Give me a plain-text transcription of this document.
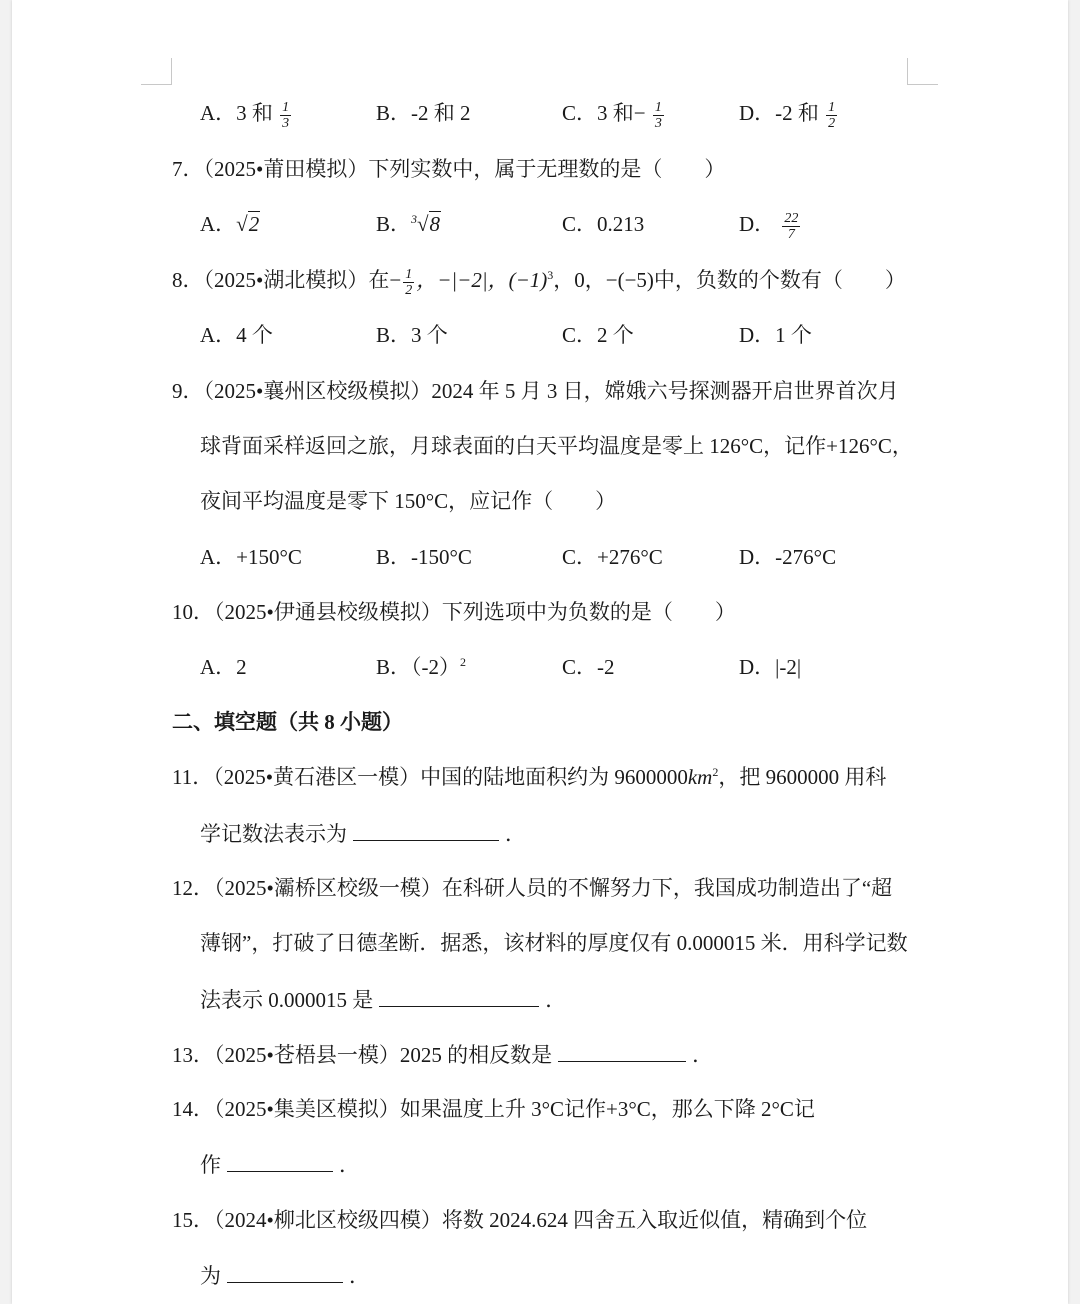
A．3 和 $\frac{1}{3}$	B．-2 和 2	C．3 和− $\frac{1}{3}$	D．-2 和 $\frac{1}{2}$
7．（2025•莆田模拟）下列实数中，属于无理数的是（　　）
A．√2	B．$^3$√8	C．0.213	D． $\frac{22}{7}$
8．（2025•湖北模拟）在− $\frac{1}{2}$ ，−|−2|，$(-1)^3$，0，−(−5)中，负数的个数有（　　）
A．4 个	B．3 个	C．2 个	D．1 个
9．（2025•襄州区校级模拟）2024 年 5 月 3 日，嫦娥六号探测器开启世界首次月
球背面采样返回之旅，月球表面的白天平均温度是零上 126°C，记作+126°C，
夜间平均温度是零下 150°C，应记作（　　）
A．+150°C	B．-150°C	C．+276°C	D．-276°C
10．（2025•伊通县校级模拟）下列选项中为负数的是（　　）
A．2	B．$(-2)^2$	C．-2	D．|-2|
二、填空题（共 8 小题）
11．（2025•黄石港区一模）中国的陆地面积约为 $9600000km^2$，把 9600000 用科
学记数法表示为	．
12．（2025•灞桥区校级一模）在科研人员的不懈努力下，我国成功制造出了“超
薄钢”，打破了日德垄断．据悉，该材料的厚度仅有 0.000015 米．用科学记数
法表示 0.000015 是	．
13．（2025•苍梧县一模）2025 的相反数是	．
14．（2025•集美区模拟）如果温度上升 3°C记作+3°C，那么下降 2°C记
作	．
15．（2024•柳北区校级四模）将数 2024.624 四舍五入取近似值，精确到个位
为	．
